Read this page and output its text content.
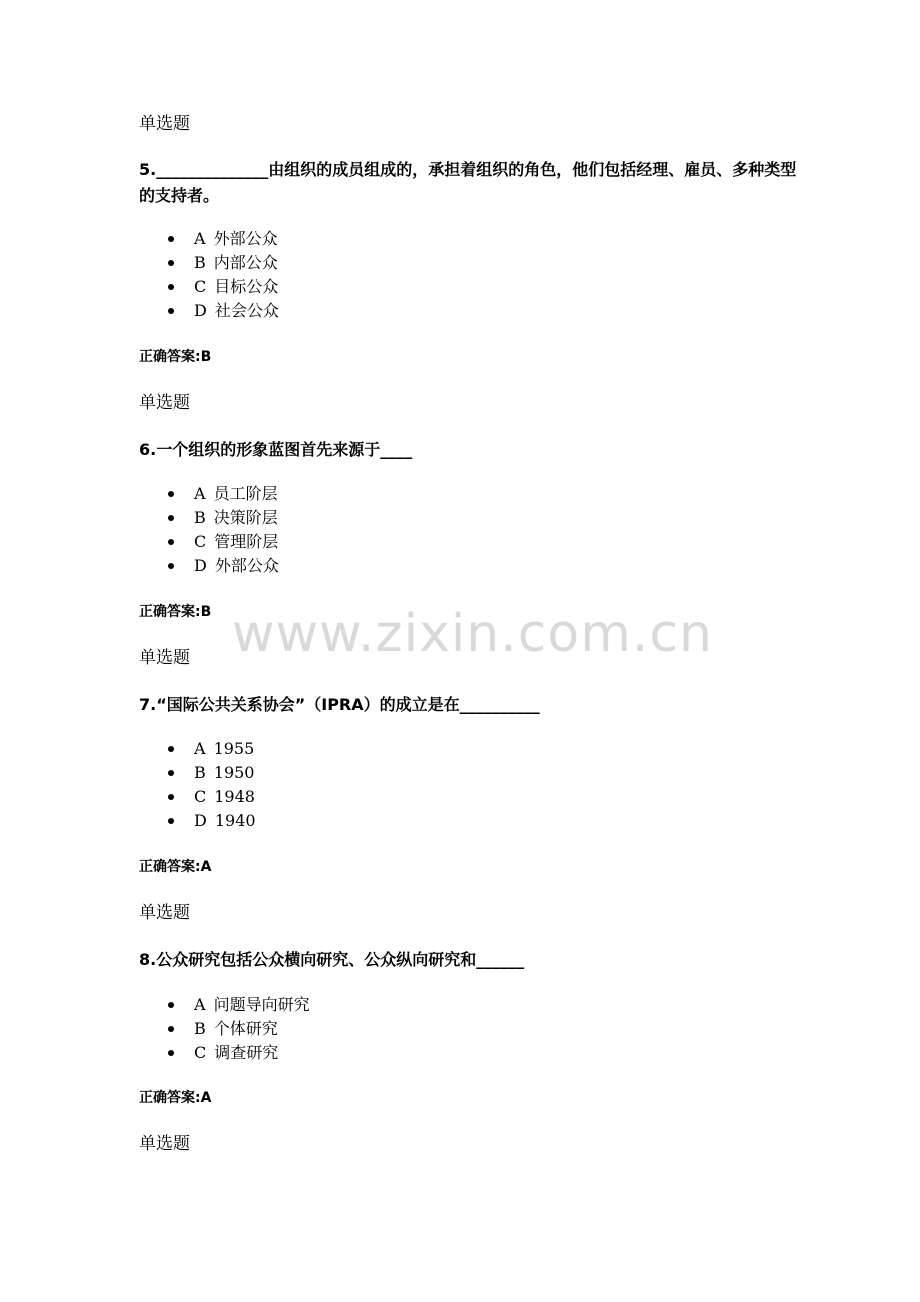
单选题
5.______________由组织的成员组成的，承担着组织的角色，他们包括经理、雇员、多种类型的支持者。
A 外部公众
B 内部公众
C 目标公众
D 社会公众
正确答案:B
单选题
6.一个组织的形象蓝图首先来源于____
A 员工阶层
B 决策阶层
C 管理阶层
D 外部公众
正确答案:B
单选题
7.“国际公共关系协会”（IPRA）的成立是在__________
A 1955
B 1950
C 1948
D 1940
正确答案:A
单选题
8.公众研究包括公众横向研究、公众纵向研究和______
A 问题导向研究
B 个体研究
C 调查研究
正确答案:A
单选题
www.zixin.com.cn
